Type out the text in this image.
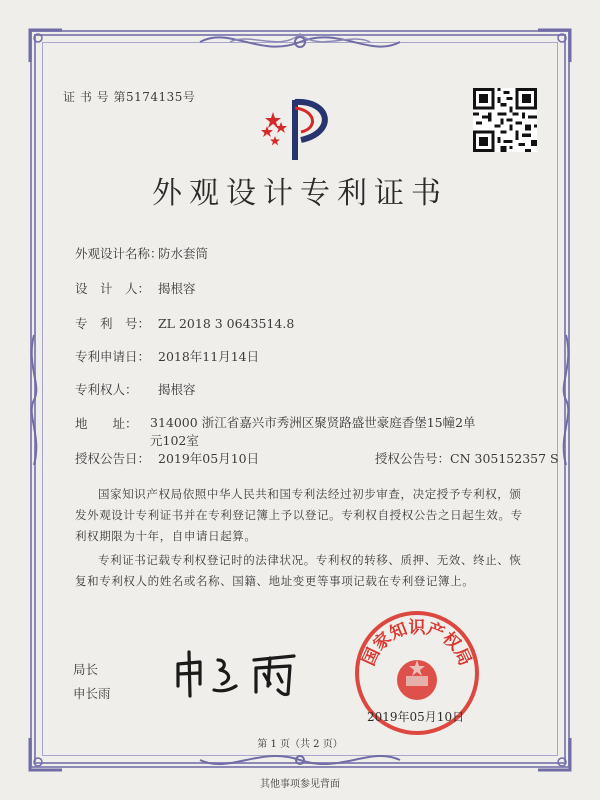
证 书 号 第5174135号
外观设计专利证书
外观设计名称：防水套筒
设　计　人： 揭根容
专　利　号： ZL 2018 3 0643514.8
专利申请日： 2018年11月14日
专利权人： 揭根容
地　　址： 314000 浙江省嘉兴市秀洲区聚贤路盛世豪庭香堡15幢2单元102室
授权公告日： 2019年05月10日	授权公告号：CN 305152357 S
国家知识产权局依照中华人民共和国专利法经过初步审查，决定授予专利权，颁发外观设计专利证书并在专利登记簿上予以登记。专利权自授权公告之日起生效。专利权期限为十年，自申请日起算。
专利证书记载专利权登记时的法律状况。专利权的转移、质押、无效、终止、恢复和专利权人的姓名或名称、国籍、地址变更等事项记载在专利登记簿上。
局长
申长雨
国家知识产权局
2019年05月10日
第 1 页（共 2 页）
其他事项参见背面
